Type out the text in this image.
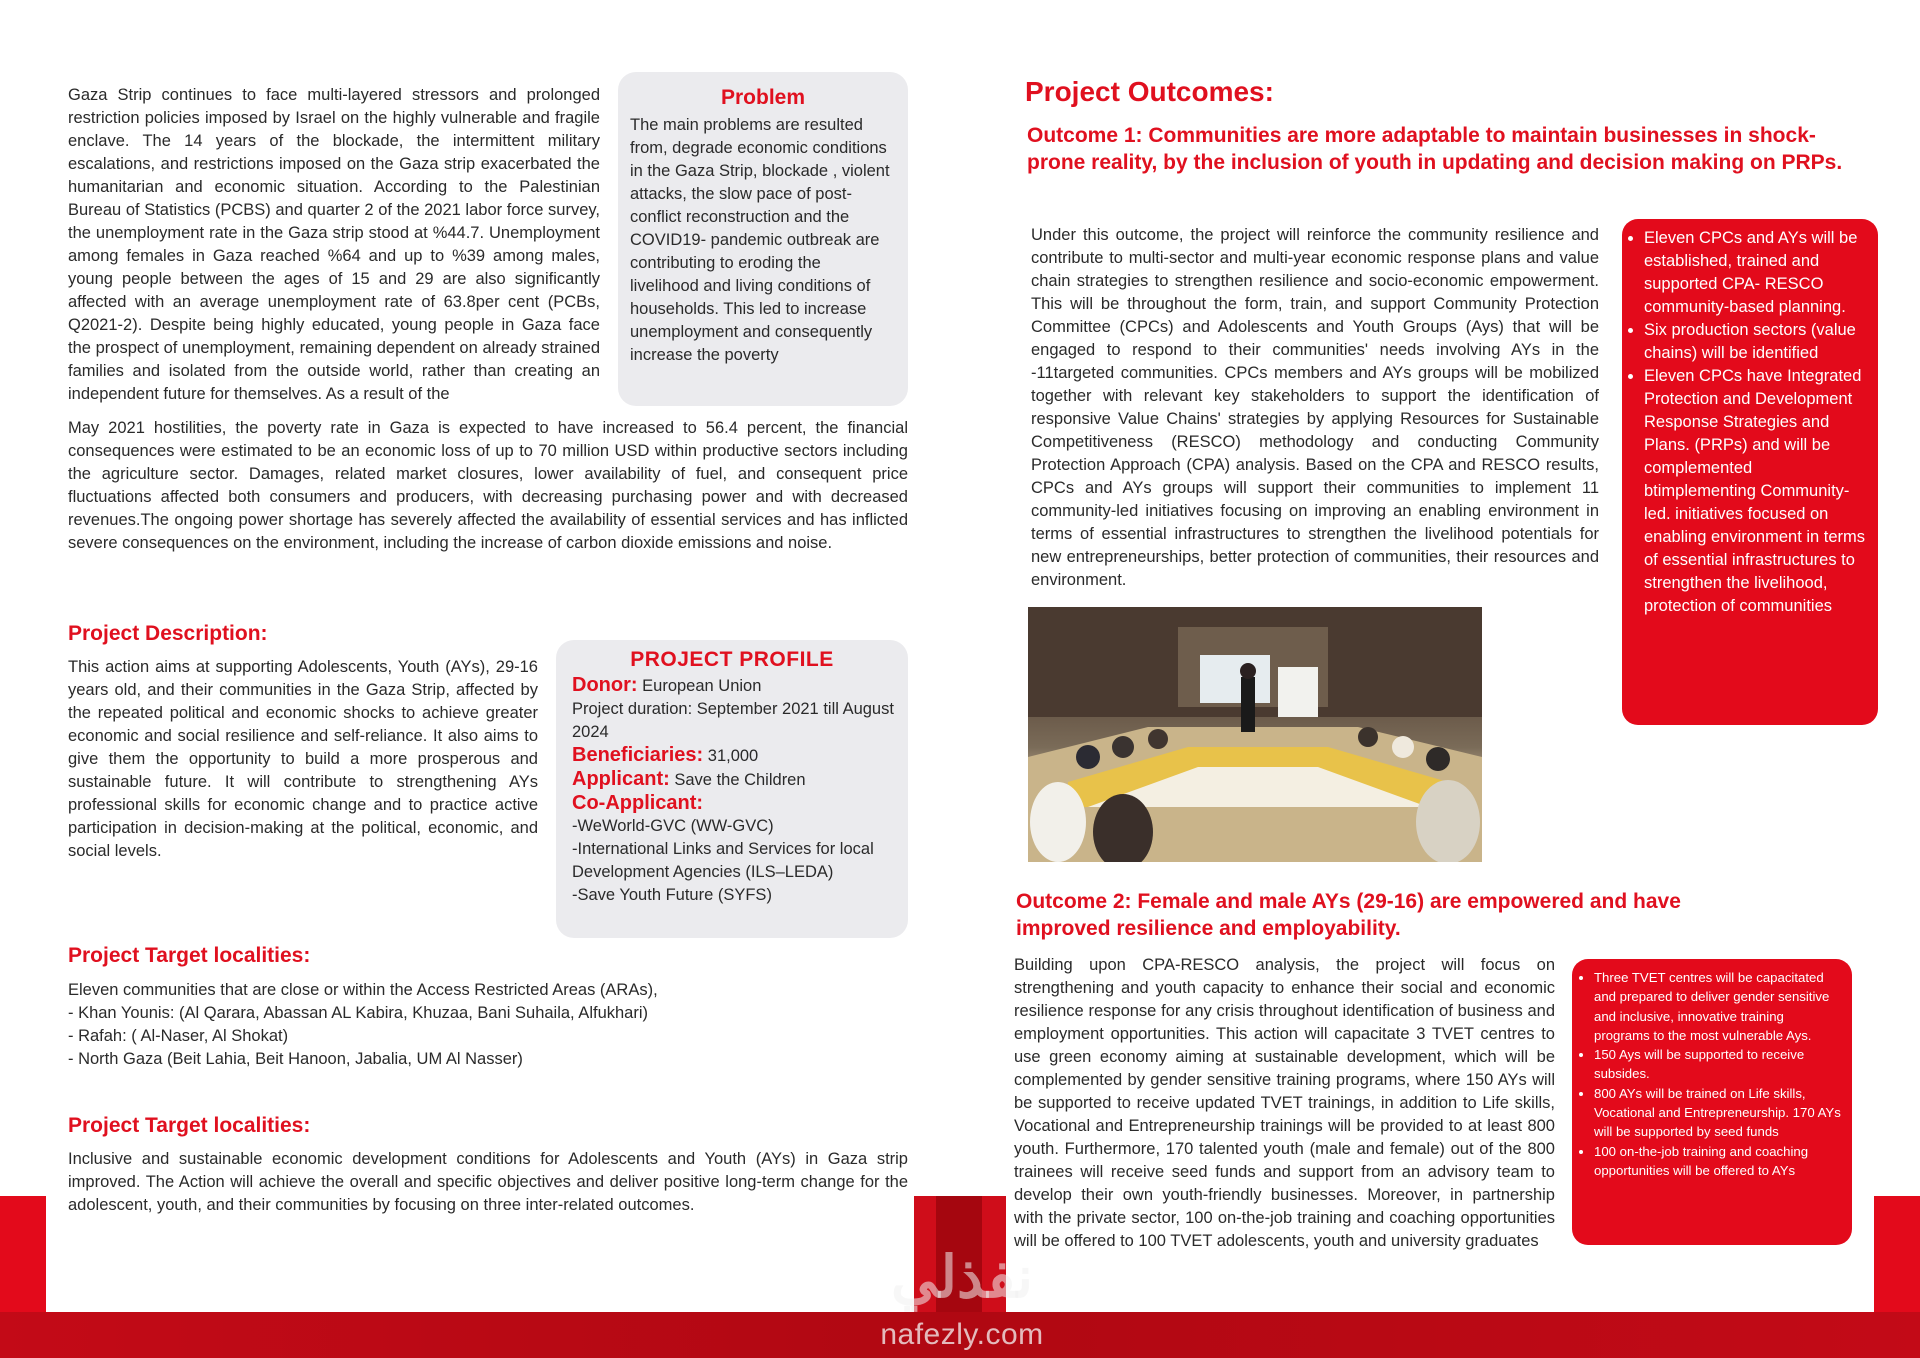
Gaza Strip continues to face multi-layered stressors and prolonged restriction policies imposed by Israel on the highly vulnerable and fragile enclave. The 14 years of the blockade, the intermittent military escalations, and restrictions imposed on the Gaza strip exacerbated the humanitarian and economic situation. According to the Palestinian Bureau of Statistics (PCBS) and quarter 2 of the 2021 labor force survey, the unemployment rate in the Gaza strip stood at %44.7. Unemployment among females in Gaza reached %64 and up to %39 among males, young people between the ages of 15 and 29 are also significantly affected with an average unemployment rate of 63.8per cent (PCBs, Q2021-2). Despite being highly educated, young people in Gaza face the prospect of unemployment, remaining dependent on already strained families and isolated from the outside world, rather than creating an independent future for themselves. As a result of the

Problem
The main problems are resulted from, degrade economic conditions in the Gaza Strip, blockade , violent attacks, the slow pace of post-conflict reconstruction and the COVID19- pandemic outbreak are contributing to eroding the livelihood and living conditions of households. This led to increase unemployment and consequently increase the poverty

May 2021 hostilities, the poverty rate in Gaza is expected to have increased to 56.4 percent, the financial consequences were estimated to be an economic loss of up to 70 million USD within productive sectors including the agriculture sector. Damages, related market closures, lower availability of fuel, and consequent price fluctuations affected both consumers and producers, with decreasing purchasing power and with decreased revenues.The ongoing power shortage has severely affected the availability of essential services and has inflicted severe consequences on the environment, including the increase of carbon dioxide emissions and noise.

Project Description:

This action aims at supporting Adolescents, Youth (AYs), 29-16 years old, and their communities in the Gaza Strip, affected by the repeated political and economic shocks to achieve greater economic and social resilience and self-reliance. It also aims to give them the opportunity to build a more prosperous and sustainable future. It will contribute to strengthening AYs professional skills for economic change and to practice active participation in decision-making at the political, economic, and social levels.

PROJECT PROFILE
Donor: European Union
Project duration: September 2021 till August 2024
Beneficiaries: 31,000
Applicant: Save the Children
Co-Applicant:
-WeWorld-GVC (WW-GVC)
-International Links and Services for local Development Agencies (ILS–LEDA)
-Save Youth Future (SYFS)
Project Target localities:
Eleven communities that are close or within the Access Restricted Areas (ARAs),
- Khan Younis: (Al Qarara, Abassan AL Kabira, Khuzaa, Bani Suhaila, Alfukhari)
- Rafah: ( Al-Naser, Al Shokat)
- North Gaza (Beit Lahia, Beit Hanoon, Jabalia, UM Al Nasser)
Project Target localities:

Inclusive and sustainable economic development conditions for Adolescents and Youth (AYs) in Gaza strip improved. The Action will achieve the overall and specific objectives and deliver positive long-term change for the adolescent, youth, and their communities by focusing on three inter-related outcomes.

Project Outcomes:
Outcome 1: Communities are more adaptable to maintain businesses in shock-prone reality, by the inclusion of youth in updating and decision making on PRPs.

Under this outcome, the project will reinforce the community resilience and contribute to multi-sector and multi-year economic response plans and value chain strategies to strengthen resilience and socio-economic empowerment. This will be throughout the form, train, and support Community Protection Committee (CPCs) and Adolescents and Youth Groups (Ays) that will be engaged to respond to their communities' needs involving AYs in the -11targeted communities. CPCs members and AYs groups will be mobilized together with relevant key stakeholders to support the identification of responsive Value Chains' strategies by applying Resources for Sustainable Competitiveness (RESCO) methodology and conducting Community Protection Approach (CPA) analysis. Based on the CPA and RESCO results, CPCs and AYs groups will support their communities to implement 11 community-led initiatives focusing on improving an enabling environment in terms of essential infrastructures to strengthen the livelihood potentials for new entrepreneurships, better protection of communities, their resources and environment.

• Eleven CPCs and AYs will be established, trained and supported CPA- RESCO community-based planning.
• Six production sectors (value chains) will be identified
• Eleven CPCs have Integrated Protection and Development Response Strategies and Plans. (PRPs) and will be complemented btimplementing Community-led. initiatives focused on enabling environment in terms of essential infrastructures to strengthen the livelihood, protection of communities
Outcome 2: Female and male AYs (29-16) are empowered and have improved resilience and employability.

Building upon CPA-RESCO analysis, the project will focus on strengthening and youth capacity to enhance their social and economic resilience response for any crisis throughout identification of business and employment opportunities. This action will capacitate 3 TVET centres to use green economy aiming at sustainable development, which will be complemented by gender sensitive training programs, where 150 AYs will be supported to receive updated TVET trainings, in addition to Life skills, Vocational and Entrepreneurship trainings will be provided to at least 800 youth. Furthermore, 170 talented youth (male and female) out of the 800 trainees will receive seed funds and support from an advisory team to develop their own youth-friendly businesses. Moreover, in partnership with the private sector, 100 on-the-job training and coaching opportunities will be offered to 100 TVET adolescents, youth and university graduates

• Three TVET centres will be capacitated and prepared to deliver gender sensitive and inclusive, innovative training programs to the most vulnerable Ays.
• 150 Ays will be supported to receive subsides.
• 800 AYs will be trained on Life skills, Vocational and Entrepreneurship. 170 AYs will be supported by seed funds
• 100 on-the-job training and coaching opportunities will be offered to AYs
نفذلي
nafezly.com
